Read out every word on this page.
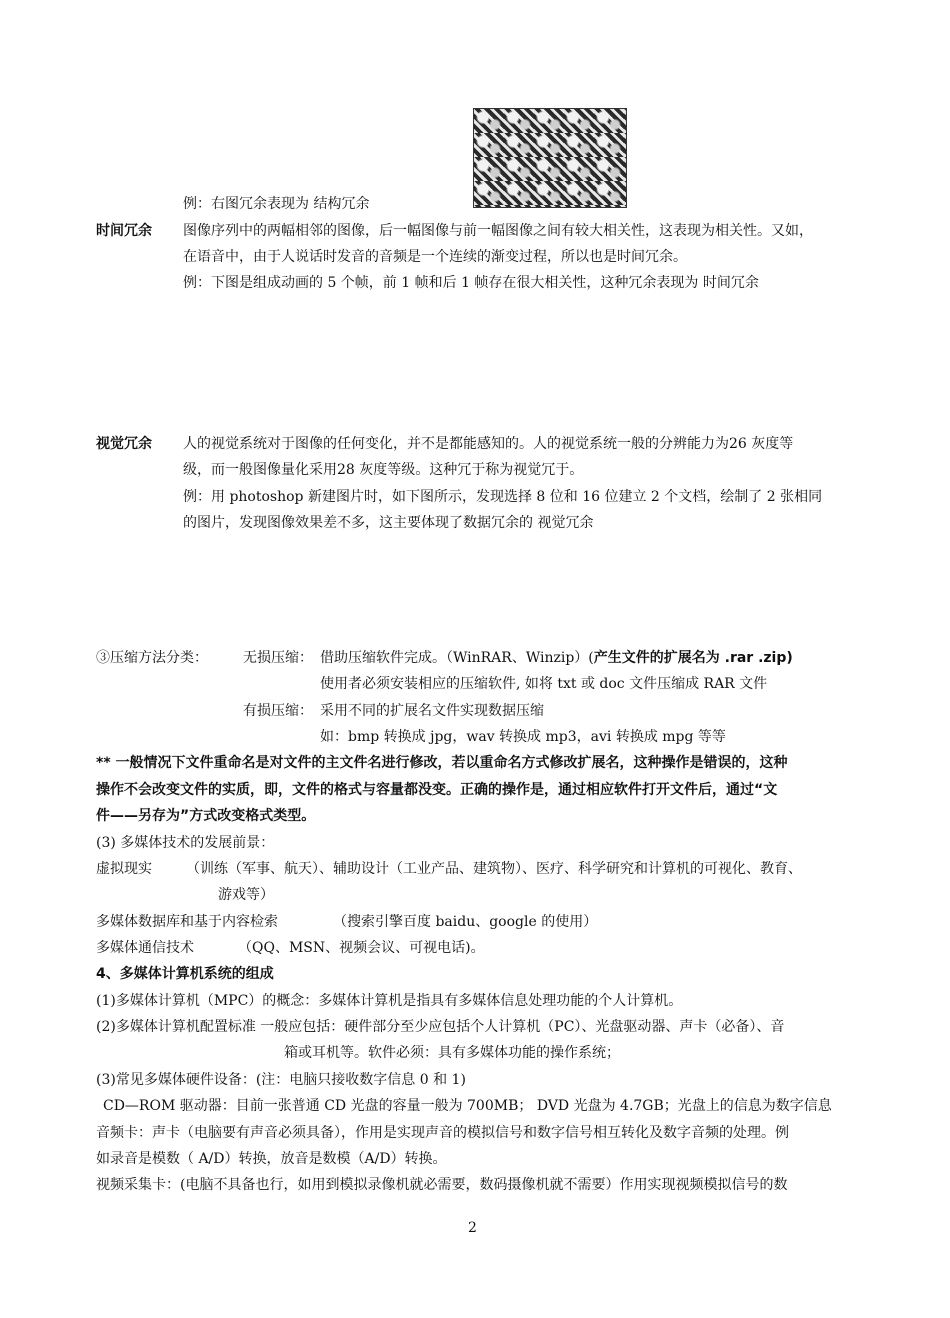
例：右图冗余表现为 结构冗余
时间冗余 图像序列中的两幅相邻的图像，后一幅图像与前一幅图像之间有较大相关性，这表现为相关性。又如，
在语音中，由于人说话时发音的音频是一个连续的渐变过程，所以也是时间冗余。
例：下图是组成动画的 5 个帧，前 1 帧和后 1 帧存在很大相关性，这种冗余表现为 时间冗余
视觉冗余 人的视觉系统对于图像的任何变化，并不是都能感知的。人的视觉系统一般的分辨能力为26 灰度等
级，而一般图像量化采用28 灰度等级。这种冗于称为视觉冗于。
例：用 photoshop 新建图片时，如下图所示，发现选择 8 位和 16 位建立 2 个文档，绘制了 2 张相同
的图片，发现图像效果差不多，这主要体现了数据冗余的 视觉冗余
③压缩方法分类：	无损压缩： 借助压缩软件完成。（WinRAR、Winzip）(产生文件的扩展名为 .rar .zip)
使用者必须安装相应的压缩软件, 如将 txt 或 doc 文件压缩成 RAR 文件
有损压缩： 采用不同的扩展名文件实现数据压缩
如：bmp 转换成 jpg，wav 转换成 mp3，avi 转换成 mpg 等等
** 一般情况下文件重命名是对文件的主文件名进行修改，若以重命名方式修改扩展名，这种操作是错误的，这种
操作不会改变文件的实质，即，文件的格式与容量都没变。正确的操作是，通过相应软件打开文件后，通过“文
件——另存为”方式改变格式类型。
(3) 多媒体技术的发展前景：
虚拟现实 （训练（军事、航天）、辅助设计（工业产品、建筑物）、医疗、科学研究和计算机的可视化、教育、
游戏等）
多媒体数据库和基于内容检索	（搜索引擎百度 baidu、google 的使用）
多媒体通信技术	（QQ、MSN、视频会议、可视电话)。
4、多媒体计算机系统的组成
(1)多媒体计算机（MPC）的概念：多媒体计算机是指具有多媒体信息处理功能的个人计算机。
(2)多媒体计算机配置标准 一般应包括：硬件部分至少应包括个人计算机（PC）、光盘驱动器、声卡（必备）、音
箱或耳机等。软件必须：具有多媒体功能的操作系统；
(3)常见多媒体硬件设备：(注：电脑只接收数字信息 0 和 1)
CD—ROM 驱动器：目前一张普通 CD 光盘的容量一般为 700MB； DVD 光盘为 4.7GB；光盘上的信息为数字信息
音频卡：声卡（电脑要有声音必须具备），作用是实现声音的模拟信号和数字信号相互转化及数字音频的处理。例
如录音是模数（ A/D）转换，放音是数模（A/D）转换。
视频采集卡：(电脑不具备也行，如用到模拟录像机就必需要，数码摄像机就不需要）作用实现视频模拟信号的数
2
